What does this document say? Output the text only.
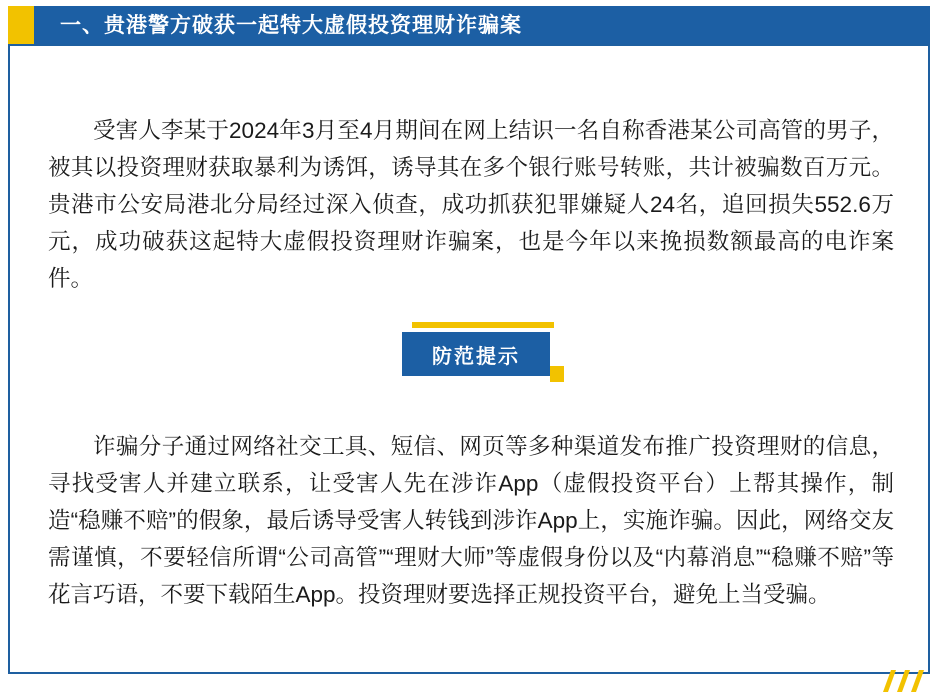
一、贵港警方破获一起特大虚假投资理财诈骗案
受害人李某于2024年3月至4月期间在网上结识一名自称香港某公司高管的男子，被其以投资理财获取暴利为诱饵，诱导其在多个银行账号转账，共计被骗数百万元。贵港市公安局港北分局经过深入侦查，成功抓获犯罪嫌疑人24名，追回损失552.6万元，成功破获这起特大虚假投资理财诈骗案，也是今年以来挽损数额最高的电诈案件。
防范提示
诈骗分子通过网络社交工具、短信、网页等多种渠道发布推广投资理财的信息，寻找受害人并建立联系，让受害人先在涉诈App（虚假投资平台）上帮其操作，制造“稳赚不赔”的假象，最后诱导受害人转钱到涉诈App上，实施诈骗。因此，网络交友需谨慎，不要轻信所谓“公司高管”“理财大师”等虚假身份以及“内幕消息”“稳赚不赔”等花言巧语，不要下载陌生App。投资理财要选择正规投资平台，避免上当受骗。
